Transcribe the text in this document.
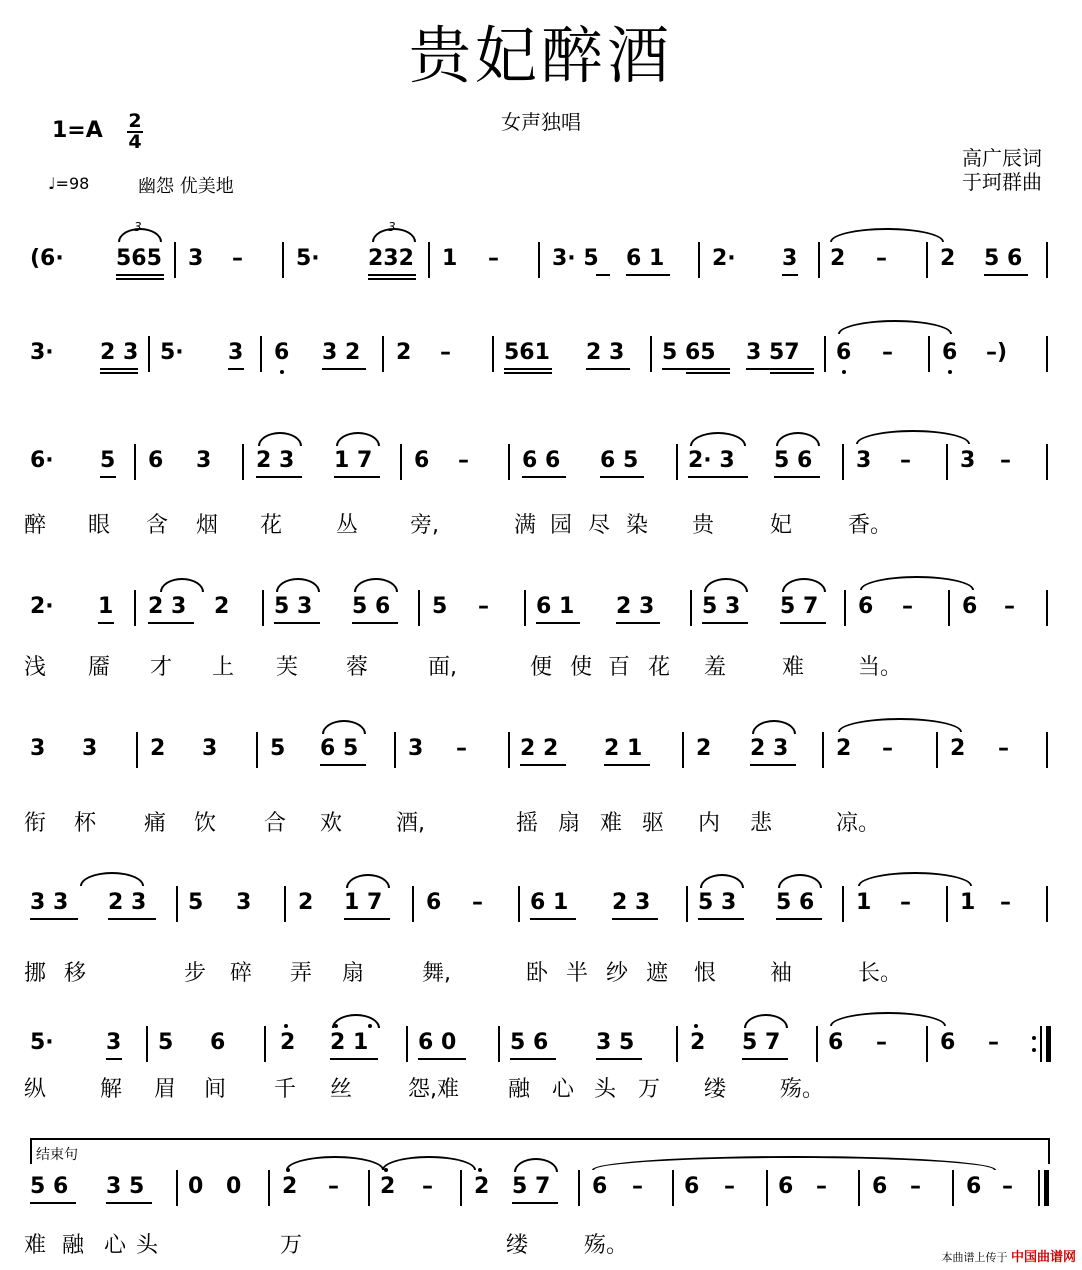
贵妃醉酒
女声独唱
1=A 2
4
♩=98	幽怨 优美地
高广辰词
于珂群曲
(6·
3
565 3 – 5·
3
232 1 – 3· 5 6 1 2· 3 2 – 2 5 6
3· 2 3 5· 3 6 3 2 2 – 561 2 3 5 65 3 57 6 – 6 –)
6· 5 6 3 2 3 1 7 6 – 6 6 6 5 2· 3 5 6 3 – 3 –
醉 眼 含 烟 花 丛 旁,	满 园 尽 染 贵	妃	香。
2· 1 2 3 2 5 3 5 6 5 – 6 1 2 3 5 3 5 7 6 – 6 –
浅 靥 才 上 芙 蓉	面,	便 使 百 花 羞	难 当。
3 3 2 3 5 6 5 3 – 2 2 2 1 2 2 3 2 –	2 –
衔 杯 痛 饮 合 欢 酒,	摇 扇 难 驱 内 悲	凉。
3 3 2 3 5 3 2 1 7 6 – 6 1 2 3 5 3 5 6 1 – 1 –
挪 移	步 碎 弄 扇	舞,	卧 半 纱 遮 恨 袖	长。
5· 3 5 6 2 2 1 6 0 5 6 3 5	2 5 7 6 – 6 –
纵 解 眉 间 千 丝	怨,难 融 心 头 万 缕 殇。
结束句
5 6 3 5 0 0 2 – 2 – 2 5 7 6 – 6 – 6 – 6 – 6 –
难 融 心 头	万	缕	殇。	本曲谱上传于 中国曲谱网
